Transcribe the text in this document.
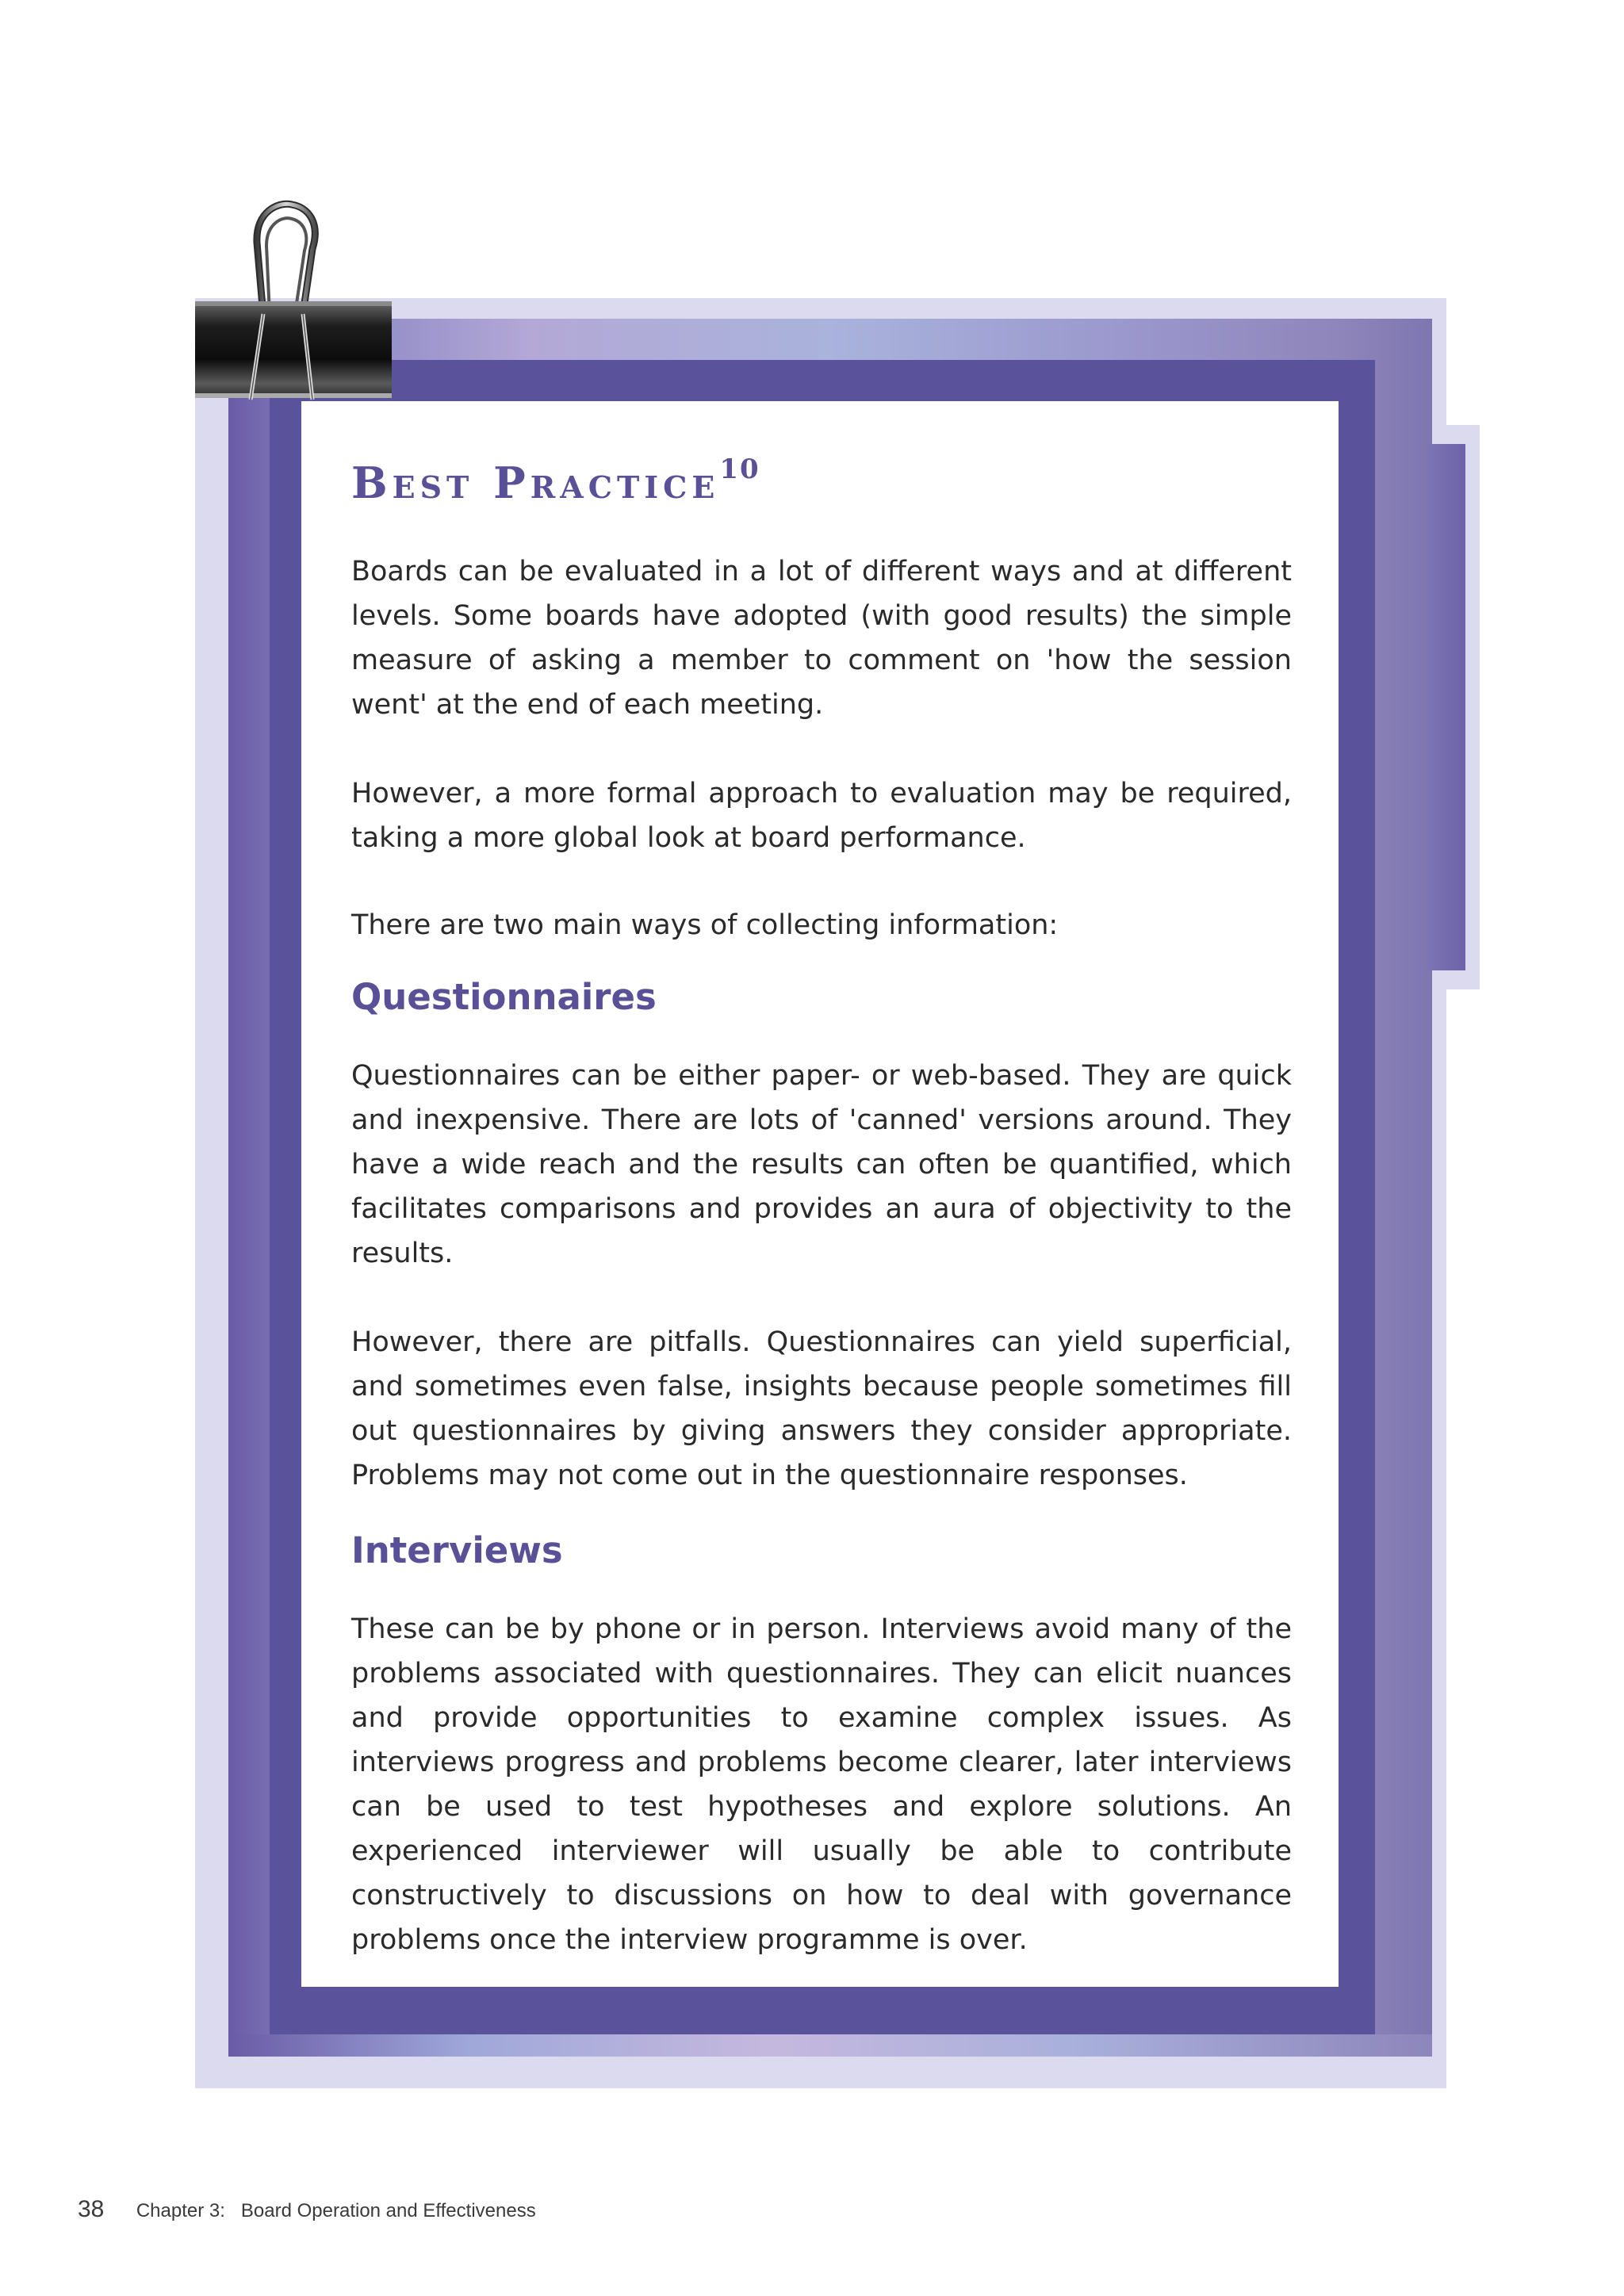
Best Practice$^{10}$

Boards can be evaluated in a lot of different ways and at different levels. Some boards have adopted (with good results) the simple measure of asking a member to comment on 'how the session went' at the end of each meeting.

However, a more formal approach to evaluation may be required, taking a more global look at board performance.

There are two main ways of collecting information:

Questionnaires

Questionnaires can be either paper- or web-based. They are quick and inexpensive. There are lots of 'canned' versions around. They have a wide reach and the results can often be quantified, which facilitates comparisons and provides an aura of objectivity to the results.

However, there are pitfalls. Questionnaires can yield superficial, and sometimes even false, insights because people sometimes fill out questionnaires by giving answers they consider appropriate. Problems may not come out in the questionnaire responses.

Interviews

These can be by phone or in person. Interviews avoid many of the problems associated with questionnaires. They can elicit nuances and provide opportunities to examine complex issues. As interviews progress and problems become clearer, later interviews can be used to test hypotheses and explore solutions. An experienced interviewer will usually be able to contribute constructively to discussions on how to deal with governance problems once the interview programme is over.

38 Chapter 3:   Board Operation and Effectiveness
